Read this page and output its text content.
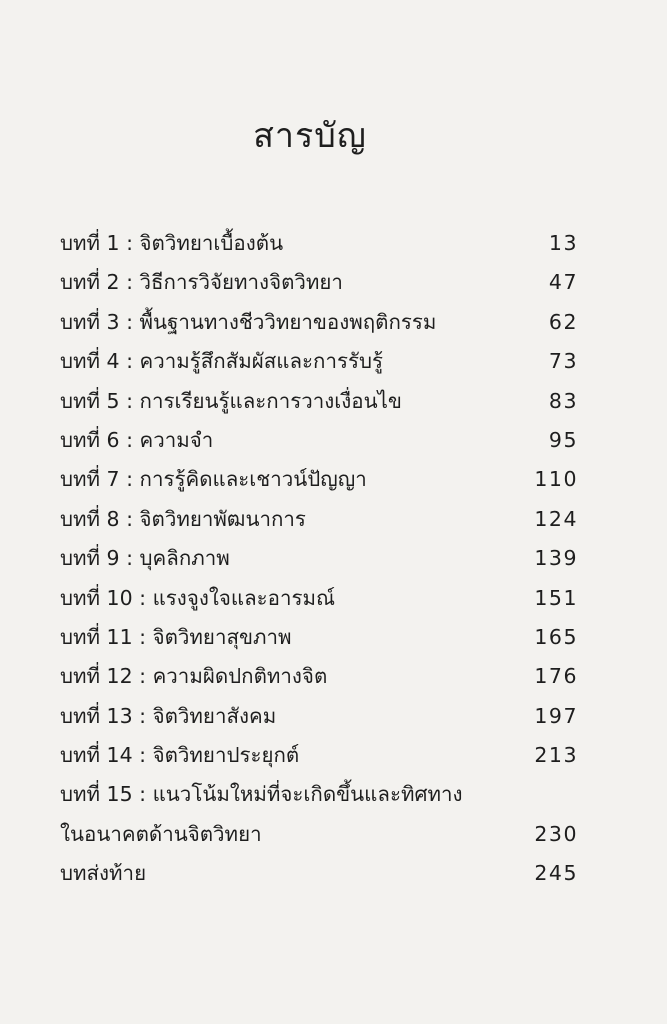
สารบัญ
บทที่ 1 : จิตวิทยาเบื้องต้น	13
บทที่ 2 : วิธีการวิจัยทางจิตวิทยา	47
บทที่ 3 : พื้นฐานทางชีววิทยาของพฤติกรรม	62
บทที่ 4 : ความรู้สึกสัมผัสและการรับรู้	73
บทที่ 5 : การเรียนรู้และการวางเงื่อนไข	83
บทที่ 6 : ความจำ	95
บทที่ 7 : การรู้คิดและเชาวน์ปัญญา	110
บทที่ 8 : จิตวิทยาพัฒนาการ	124
บทที่ 9 : บุคลิกภาพ	139
บทที่ 10 : แรงจูงใจและอารมณ์	151
บทที่ 11 : จิตวิทยาสุขภาพ	165
บทที่ 12 : ความผิดปกติทางจิต	176
บทที่ 13 : จิตวิทยาสังคม	197
บทที่ 14 : จิตวิทยาประยุกต์	213
บทที่ 15 : แนวโน้มใหม่ที่จะเกิดขึ้นและทิศทาง
ในอนาคตด้านจิตวิทยา	230
บทส่งท้าย	245
